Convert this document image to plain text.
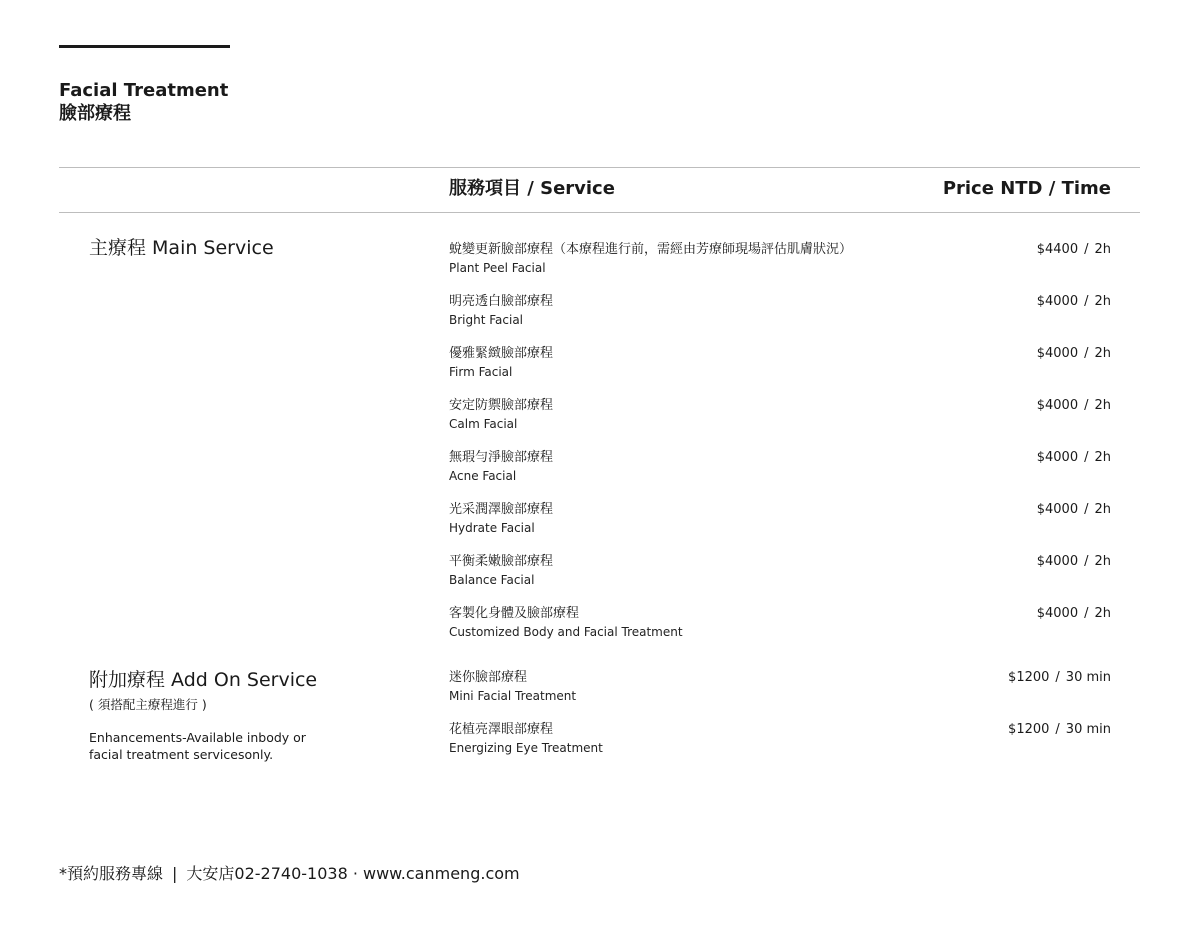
Facial Treatment
臉部療程
服務項目 / Service	Price NTD / Time
主療程 Main Service	蛻變更新臉部療程（本療程進行前，需經由芳療師現場評估肌膚狀況）
Plant Peel Facial
$4400 / 2h
明亮透白臉部療程
Bright Facial
$4000 / 2h
優雅緊緻臉部療程
Firm Facial
$4000 / 2h
安定防禦臉部療程
Calm Facial
$4000 / 2h
無瑕勻淨臉部療程
Acne Facial
$4000 / 2h
光采潤澤臉部療程
Hydrate Facial
$4000 / 2h
平衡柔嫩臉部療程
Balance Facial
$4000 / 2h
客製化身體及臉部療程
Customized Body and Facial Treatment
$4000 / 2h
附加療程 Add On Service
( 須搭配主療程進行 )
Enhancements-Available inbody or
facial treatment servicesonly.
迷你臉部療程
Mini Facial Treatment
$1200 / 30 min
花植亮澤眼部療程
Energizing Eye Treatment
$1200 / 30 min
*預約服務專線 | 大安店02-2740-1038 · www.canmeng.com
